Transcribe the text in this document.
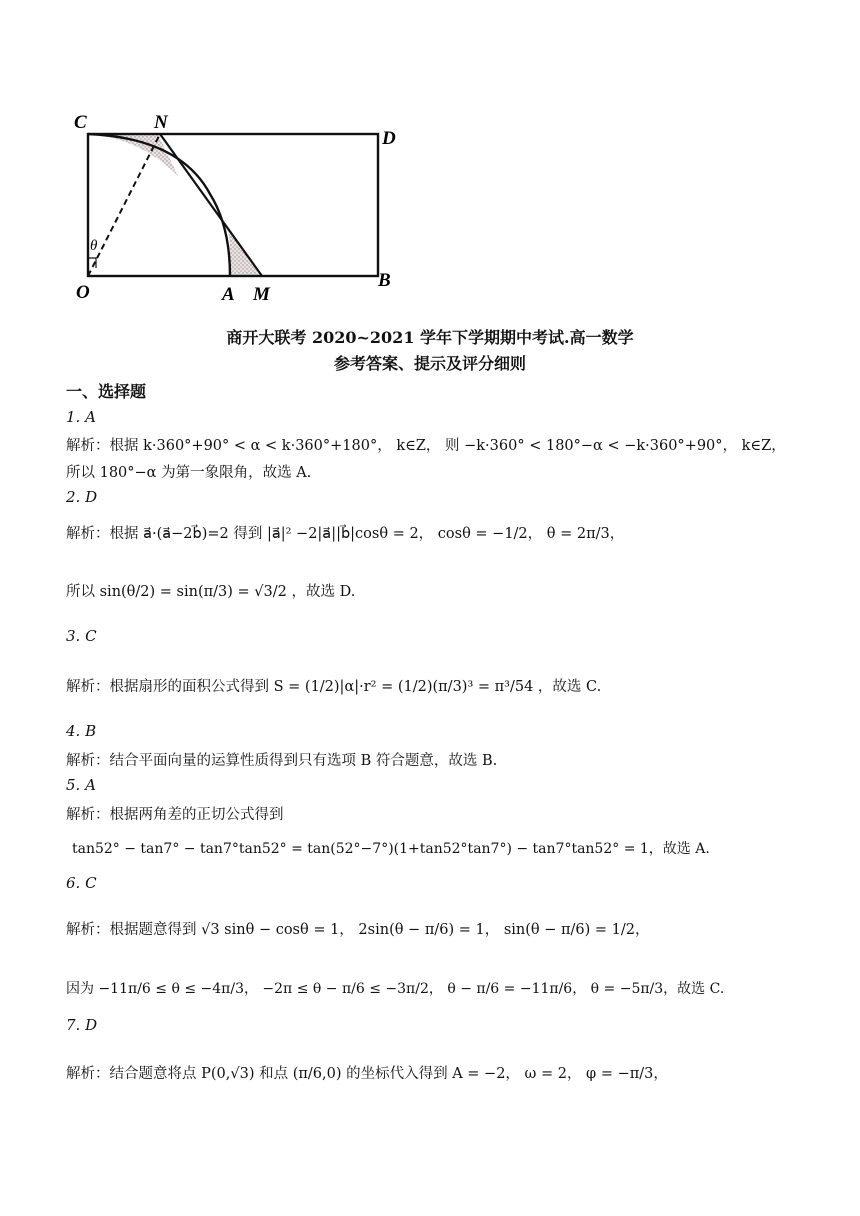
C	N
D
θ
O	A M
B
商开大联考 2020~2021 学年下学期期中考试.高一数学
参考答案、提示及评分细则
一、选择题
1. A
解析：根据 k·360°+90° < α < k·360°+180°， k∈Z， 则 −k·360° < 180°−α < −k·360°+90°， k∈Z，
所以 180°−α 为第一象限角，故选 A.
2. D
解析：根据 a⃗·(a⃗−2b⃗)=2 得到 |a⃗|² −2|a⃗||b⃗|cosθ = 2， cosθ = −1/2， θ = 2π/3，
所以 sin(θ/2) = sin(π/3) = √3/2 ，故选 D.
3. C
解析：根据扇形的面积公式得到 S = (1/2)|α|·r² = (1/2)(π/3)³ = π³/54 ，故选 C.
4. B
解析：结合平面向量的运算性质得到只有选项 B 符合题意，故选 B.
5. A
解析：根据两角差的正切公式得到
tan52° − tan7° − tan7°tan52° = tan(52°−7°)(1+tan52°tan7°) − tan7°tan52° = 1，故选 A.
6. C
解析：根据题意得到 √3 sinθ − cosθ = 1， 2sin(θ − π/6) = 1， sin(θ − π/6) = 1/2，
因为 −11π/6 ≤ θ ≤ −4π/3， −2π ≤ θ − π/6 ≤ −3π/2， θ − π/6 = −11π/6， θ = −5π/3，故选 C.
7. D
解析：结合题意将点 P(0,√3) 和点 (π/6,0) 的坐标代入得到 A = −2， ω = 2， φ = −π/3，
